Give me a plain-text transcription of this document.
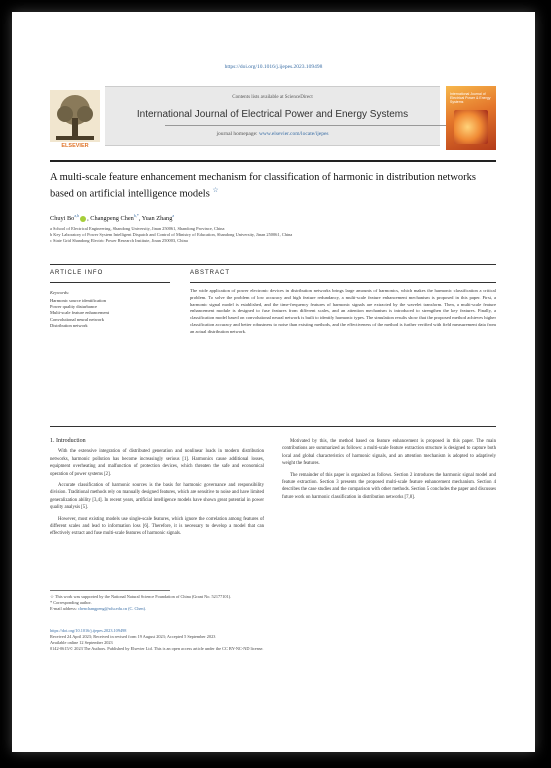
https://doi.org/10.1016/j.ijepes.2023.109498
ELSEVIER
Contents lists available at ScienceDirect
International Journal of Electrical Power and Energy Systems
journal homepage: www.elsevier.com/locate/ijepes
International Journal of Electrical Power & Energy Systems
A multi-scale feature enhancement mechanism for classification of harmonic in distribution networks based on artificial intelligence models ☆
Chuyi Bo$^{a,b}$ , Changpeng Chen$^{b,*}$, Yuan Zhang$^a$
a School of Electrical Engineering, Shandong University, Jinan 250061, Shandong Province, China
b Key Laboratory of Power System Intelligent Dispatch and Control of Ministry of Education, Shandong University, Jinan 250061, China
c State Grid Shandong Electric Power Research Institute, Jinan 250003, China
ARTICLE INFO	ABSTRACT
Keywords:
Harmonic source identification
Power quality disturbance
Multi-scale feature enhancement
Convolutional neural network
Distribution network
The wide application of power electronic devices in distribution networks brings large amounts of harmonics, which makes the harmonic classification a critical problem. To solve the problem of low accuracy and high feature redundancy, a multi-scale feature enhancement mechanism is proposed in this paper. First, a harmonic signal model is established, and the time-frequency features of harmonic signals are extracted by the wavelet transform. Then, a multi-scale feature enhancement module is designed to fuse features from different scales, and an attention mechanism is introduced to strengthen the key features. Finally, a classification model based on convolutional neural network is built to identify harmonic types. The simulation results show that the proposed method achieves higher classification accuracy and better robustness to noise than existing methods, and the effectiveness of the method is further verified with field measurement data from an actual distribution network.
1. Introduction

With the extensive integration of distributed generation and nonlinear loads in modern distribution networks, harmonic pollution has become increasingly serious [1]. Harmonics cause additional losses, equipment overheating and malfunction of protection devices, which threaten the safe and economical operation of power systems [2].

Accurate classification of harmonic sources is the basis for harmonic governance and responsibility division. Traditional methods rely on manually designed features, which are sensitive to noise and have limited generalization ability [3,4]. In recent years, artificial intelligence models have shown great potential in power quality analysis [5].

However, most existing models use single-scale features, which ignore the correlation among features of different scales and lead to information loss [6]. Therefore, it is necessary to develop a model that can effectively extract and fuse multi-scale features of harmonic signals.

Motivated by this, the method based on feature enhancement is proposed in this paper. The main contributions are summarized as follows: a multi-scale feature extraction structure is designed to capture both local and global characteristics of harmonic signals, and an attention mechanism is adopted to adaptively weight the features.

The remainder of this paper is organized as follows. Section 2 introduces the harmonic signal model and feature extraction. Section 3 presents the proposed multi-scale feature enhancement mechanism. Section 4 describes the case studies and the comparison with other methods. Section 5 concludes the paper and discusses future work on harmonic classification in distribution networks [7,8].

☆ This work was supported by the National Natural Science Foundation of China (Grant No. 52177101).
* Corresponding author.
E-mail address: chenchangpeng@sdu.edu.cn (C. Chen).
https://doi.org/10.1016/j.ijepes.2023.109498
Received 24 April 2023; Received in revised form 19 August 2023; Accepted 5 September 2023
Available online 12 September 2023
0142-0615/© 2023 The Authors. Published by Elsevier Ltd. This is an open access article under the CC BY-NC-ND license.
